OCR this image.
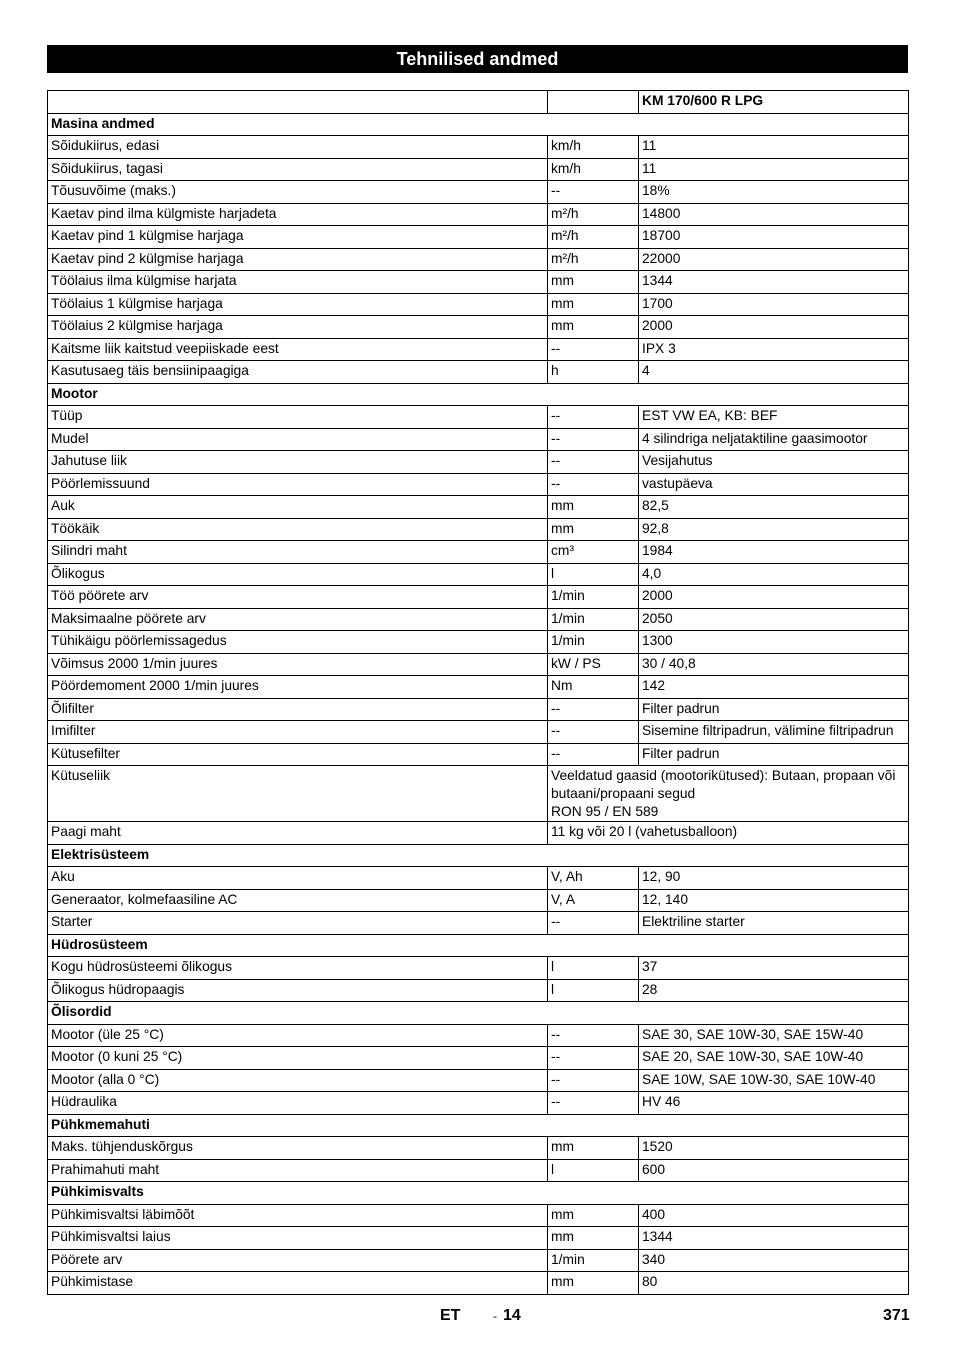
Tehnilised andmed
		KM 170/600 R LPG
Masina andmed		
Sõidukiirus, edasi	km/h	11
Sõidukiirus, tagasi	km/h	11
Tõusuvõime (maks.)	--	18%
Kaetav pind ilma külgmiste harjadeta	m²/h	14800
Kaetav pind 1 külgmise harjaga	m²/h	18700
Kaetav pind 2 külgmise harjaga	m²/h	22000
Töölaius ilma külgmise harjata	mm	1344
Töölaius 1 külgmise harjaga	mm	1700
Töölaius 2 külgmise harjaga	mm	2000
Kaitsme liik kaitstud veepiiskade eest	--	IPX 3
Kasutusaeg täis bensiinipaagiga	h	4
Mootor		
Tüüp	--	EST VW EA, KB: BEF
Mudel	--	4 silindriga neljataktiline gaasimootor
Jahutuse liik	--	Vesijahutus
Pöörlemissuund	--	vastupäeva
Auk	mm	82,5
Töökäik	mm	92,8
Silindri maht	cm³	1984
Õlikogus	l	4,0
Töö pöörete arv	1/min	2000
Maksimaalne pöörete arv	1/min	2050
Tühikäigu pöörlemissagedus	1/min	1300
Võimsus 2000 1/min juures	kW / PS	30 / 40,8
Pöördemoment 2000 1/min juures	Nm	142
Õlifilter	--	Filter padrun
Imifilter	--	Sisemine filtripadrun, välimine filtripadrun
Kütusefilter	--	Filter padrun
Kütuseliik	Veeldatud gaasid (mootorikütused): Butaan, propaan või butaani/propaani segud
RON 95 / EN 589	
Paagi maht	11 kg või 20 l (vahetusballoon)	
Elektrisüsteem		
Aku	V, Ah	12, 90
Generaator, kolmefaasiline AC	V, A	12, 140
Starter	--	Elektriline starter
Hüdrosüsteem		
Kogu hüdrosüsteemi õlikogus	l	37
Õlikogus hüdropaagis	l	28
Õlisordid		
Mootor (üle 25 °C)	--	SAE 30, SAE 10W-30, SAE 15W-40
Mootor (0 kuni 25 °C)	--	SAE 20, SAE 10W-30, SAE 10W-40
Mootor (alla 0 °C)	--	SAE 10W, SAE 10W-30, SAE 10W-40
Hüdraulika	--	HV 46
Pühkmemahuti		
Maks. tühjenduskõrgus	mm	1520
Prahimahuti maht	l	600
Pühkimisvalts		
Pühkimisvaltsi läbimõõt	mm	400
Pühkimisvaltsi laius	mm	1344
Pöörete arv	1/min	340
Pühkimistase	mm	80
ET	- 14	371
